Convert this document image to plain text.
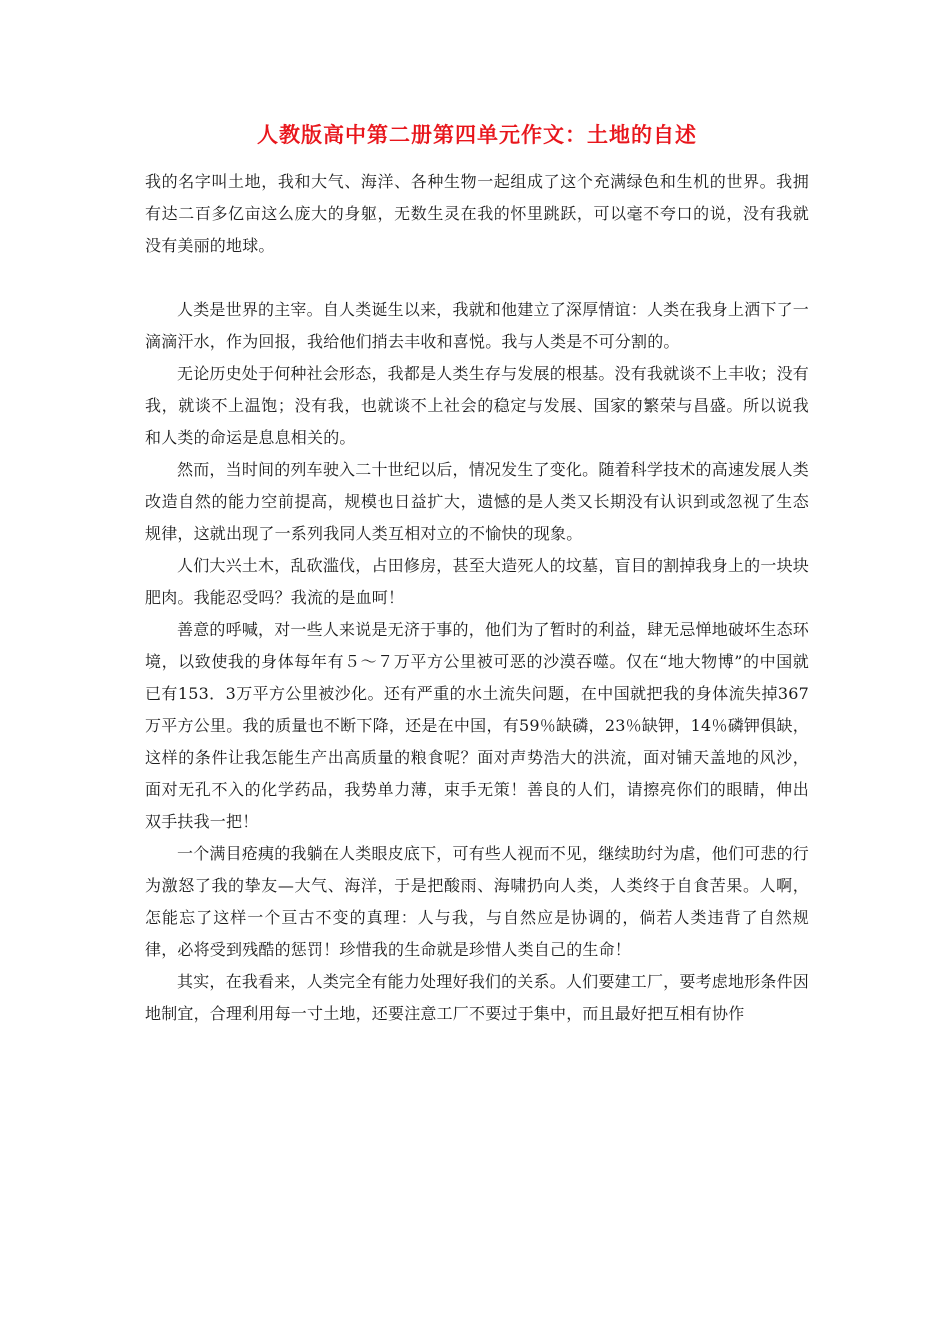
人教版高中第二册第四单元作文：土地的自述

我的名字叫土地，我和大气、海洋、各种生物一起组成了这个充满绿色和生机的世界。我拥有达二百多亿亩这么庞大的身躯，无数生灵在我的怀里跳跃，可以毫不夸口的说，没有我就没有美丽的地球。

人类是世界的主宰。自人类诞生以来，我就和他建立了深厚情谊：人类在我身上洒下了一滴滴汗水，作为回报，我给他们捎去丰收和喜悦。我与人类是不可分割的。

无论历史处于何种社会形态，我都是人类生存与发展的根基。没有我就谈不上丰收；没有我，就谈不上温饱；没有我，也就谈不上社会的稳定与发展、国家的繁荣与昌盛。所以说我和人类的命运是息息相关的。

然而，当时间的列车驶入二十世纪以后，情况发生了变化。随着科学技术的高速发展人类改造自然的能力空前提高，规模也日益扩大，遗憾的是人类又长期没有认识到或忽视了生态规律，这就出现了一系列我同人类互相对立的不愉快的现象。

人们大兴土木，乱砍滥伐，占田修房，甚至大造死人的坟墓，盲目的割掉我身上的一块块肥肉。我能忍受吗？我流的是血呵！

善意的呼喊，对一些人来说是无济于事的，他们为了暂时的利益，肆无忌惮地破坏生态环境，以致使我的身体每年有５～７万平方公里被可恶的沙漠吞噬。仅在“地大物博”的中国就已有153．3万平方公里被沙化。还有严重的水土流失问题，在中国就把我的身体流失掉367万平方公里。我的质量也不断下降，还是在中国，有59％缺磷，23％缺钾，14％磷钾俱缺，这样的条件让我怎能生产出高质量的粮食呢？面对声势浩大的洪流，面对铺天盖地的风沙，面对无孔不入的化学药品，我势单力薄，束手无策！善良的人们，请擦亮你们的眼睛，伸出双手扶我一把！

一个满目疮痍的我躺在人类眼皮底下，可有些人视而不见，继续助纣为虐，他们可悲的行为激怒了我的挚友—大气、海洋，于是把酸雨、海啸扔向人类，人类终于自食苦果。人啊，怎能忘了这样一个亘古不变的真理：人与我，与自然应是协调的，倘若人类违背了自然规律，必将受到残酷的惩罚！珍惜我的生命就是珍惜人类自己的生命！

其实，在我看来，人类完全有能力处理好我们的关系。人们要建工厂，要考虑地形条件因地制宜，合理利用每一寸土地，还要注意工厂不要过于集中，而且最好把互相有协作
